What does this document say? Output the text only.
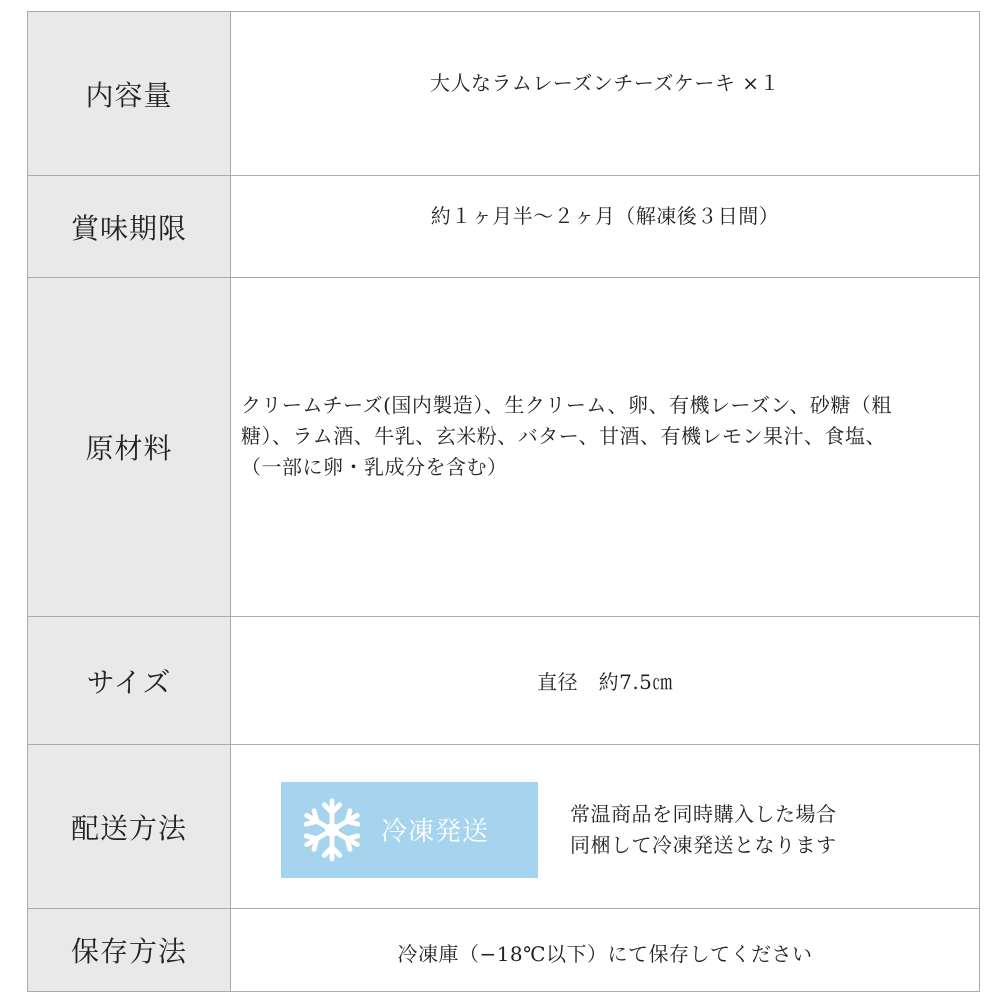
内容量	大人なラムレーズンチーズケーキ ×１
賞味期限	約１ヶ月半～２ヶ月（解凍後３日間）
原材料	クリームチーズ(国内製造）、生クリーム、卵、有機レーズン、砂糖（粗
糖）、ラム酒、牛乳、玄米粉、バター、甘酒、有機レモン果汁、食塩、
（一部に卵・乳成分を含む）

サイズ	直径　約7.5㎝
配送方法	冷凍発送
常温商品を同時購入した場合
同梱して冷凍発送となります

保存方法	冷凍庫（−18℃以下）にて保存してください
